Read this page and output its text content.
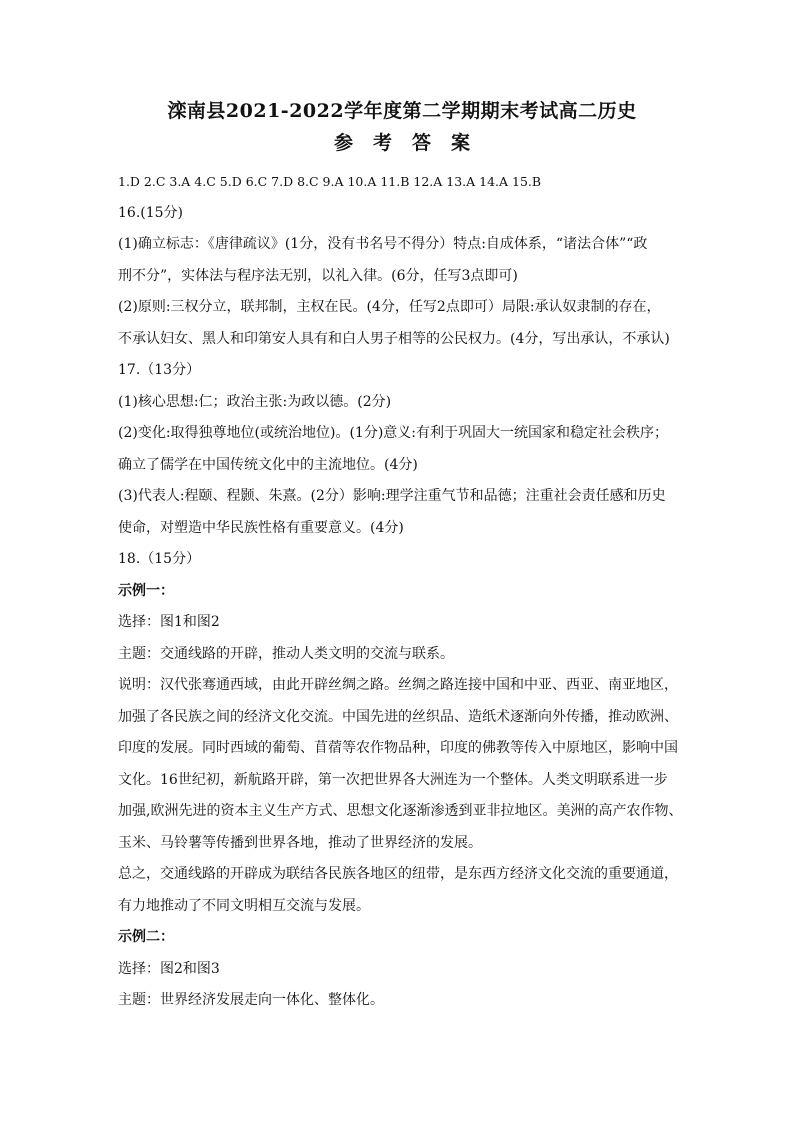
滦南县2021-2022学年度第二学期期末考试高二历史
参考答案

1.D 2.C 3.A 4.C 5.D 6.C 7.D 8.C 9.A 10.A 11.B 12.A 13.A 14.A 15.B

16.(15分)

(1)确立标志：《唐律疏议》(1分，没有书名号不得分）特点:自成体系，“诸法合体”“政

刑不分”，实体法与程序法无别，以礼入律。(6分，任写3点即可)

(2)原则:三权分立，联邦制，主权在民。(4分，任写2点即可）局限:承认奴隶制的存在，

不承认妇女、黑人和印第安人具有和白人男子相等的公民权力。(4分，写出承认，不承认)

17.（13分）

(1)核心思想:仁；政治主张:为政以德。(2分)

(2)变化:取得独尊地位(或统治地位)。(1分)意义:有利于巩固大一统国家和稳定社会秩序；

确立了儒学在中国传统文化中的主流地位。(4分)

(3)代表人:程颐、程颢、朱熹。(2分）影响:理学注重气节和品德；注重社会责任感和历史

使命，对塑造中华民族性格有重要意义。(4分)

18.（15分）

示例一：

选择：图1和图2

主题：交通线路的开辟，推动人类文明的交流与联系。

说明：汉代张骞通西域，由此开辟丝绸之路。丝绸之路连接中国和中亚、西亚、南亚地区，

加强了各民族之间的经济文化交流。中国先进的丝织品、造纸术逐渐向外传播，推动欧洲、

印度的发展。同时西域的葡萄、苜蓿等农作物品种，印度的佛教等传入中原地区，影响中国

文化。16世纪初，新航路开辟，第一次把世界各大洲连为一个整体。人类文明联系进一步

加强,欧洲先进的资本主义生产方式、思想文化逐渐渗透到亚非拉地区。美洲的高产农作物、

玉米、马铃薯等传播到世界各地，推动了世界经济的发展。

总之，交通线路的开辟成为联结各民族各地区的纽带，是东西方经济文化交流的重要通道，

有力地推动了不同文明相互交流与发展。

示例二：

选择：图2和图3

主题：世界经济发展走向一体化、整体化。
